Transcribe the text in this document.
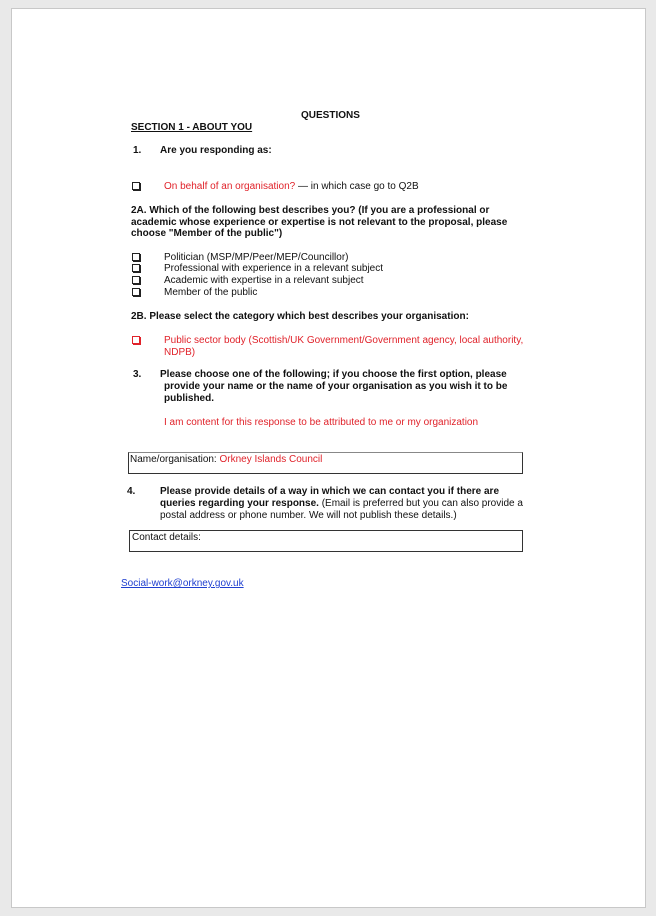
QUESTIONS
SECTION 1 - ABOUT YOU
1. Are you responding as:
On behalf of an organisation? — in which case go to Q2B
2A. Which of the following best describes you? (If you are a professional or
academic whose experience or expertise is not relevant to the proposal, please
choose "Member of the public")
Politician (MSP/MP/Peer/MEP/Councillor)
Professional with experience in a relevant subject
Academic with expertise in a relevant subject
Member of the public
2B. Please select the category which best describes your organisation:
Public sector body (Scottish/UK Government/Government agency, local authority,
NDPB)
3. Please choose one of the following; if you choose the first option, please
provide your name or the name of your organisation as you wish it to be
published.
I am content for this response to be attributed to me or my organization
Name/organisation: Orkney Islands Council
4. Please provide details of a way in which we can contact you if there are
queries regarding your response. (Email is preferred but you can also provide a
postal address or phone number. We will not publish these details.)
Contact details:
Social-work@orkney.gov.uk
